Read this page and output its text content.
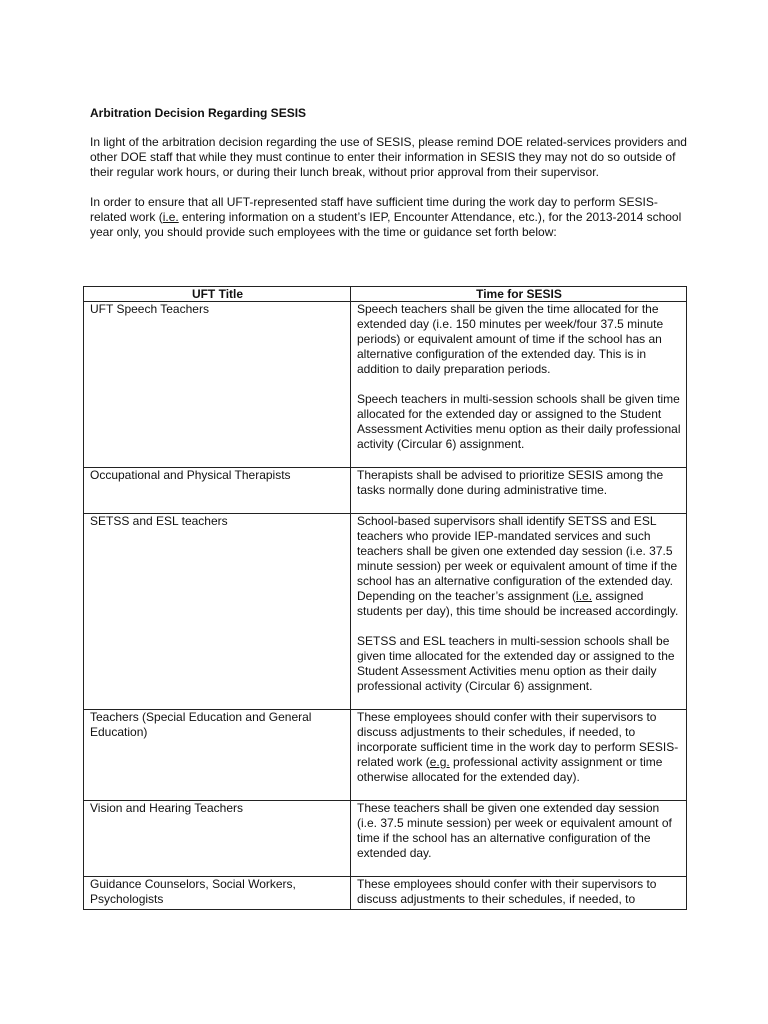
Arbitration Decision Regarding SESIS
In light of the arbitration decision regarding the use of SESIS, please remind DOE related-services providers and other DOE staff that while they must continue to enter their information in SESIS they may not do so outside of their regular work hours, or during their lunch break, without prior approval from their supervisor.
In order to ensure that all UFT-represented staff have sufficient time during the work day to perform SESIS-related work (i.e. entering information on a student’s IEP, Encounter Attendance, etc.), for the 2013-2014 school year only, you should provide such employees with the time or guidance set forth below:
UFT Title	Time for SESIS

UFT Speech Teachers	Speech teachers shall be given the time allocated for the extended day (i.e. 150 minutes per week/four 37.5 minute periods) or equivalent amount of time if the school has an alternative configuration of the extended day. This is in addition to daily preparation periods.
Speech teachers in multi-session schools shall be given time allocated for the extended day or assigned to the Student Assessment Activities menu option as their daily professional activity (Circular 6) assignment.

Occupational and Physical Therapists	Therapists shall be advised to prioritize SESIS among the tasks normally done during administrative time.

SETSS and ESL teachers	School-based supervisors shall identify SETSS and ESL teachers who provide IEP-mandated services and such teachers shall be given one extended day session (i.e. 37.5 minute session) per week or equivalent amount of time if the school has an alternative configuration of the extended day. Depending on the teacher’s assignment (i.e. assigned students per day), this time should be increased accordingly.
SETSS and ESL teachers in multi-session schools shall be given time allocated for the extended day or assigned to the Student Assessment Activities menu option as their daily professional activity (Circular 6) assignment.

Teachers (Special Education and General Education)	These employees should confer with their supervisors to discuss adjustments to their schedules, if needed, to incorporate sufficient time in the work day to perform SESIS-related work (e.g. professional activity assignment or time otherwise allocated for the extended day).

Vision and Hearing Teachers	These teachers shall be given one extended day session (i.e. 37.5 minute session) per week or equivalent amount of time if the school has an alternative configuration of the extended day.

Guidance Counselors, Social Workers, Psychologists	These employees should confer with their supervisors to discuss adjustments to their schedules, if needed, to
